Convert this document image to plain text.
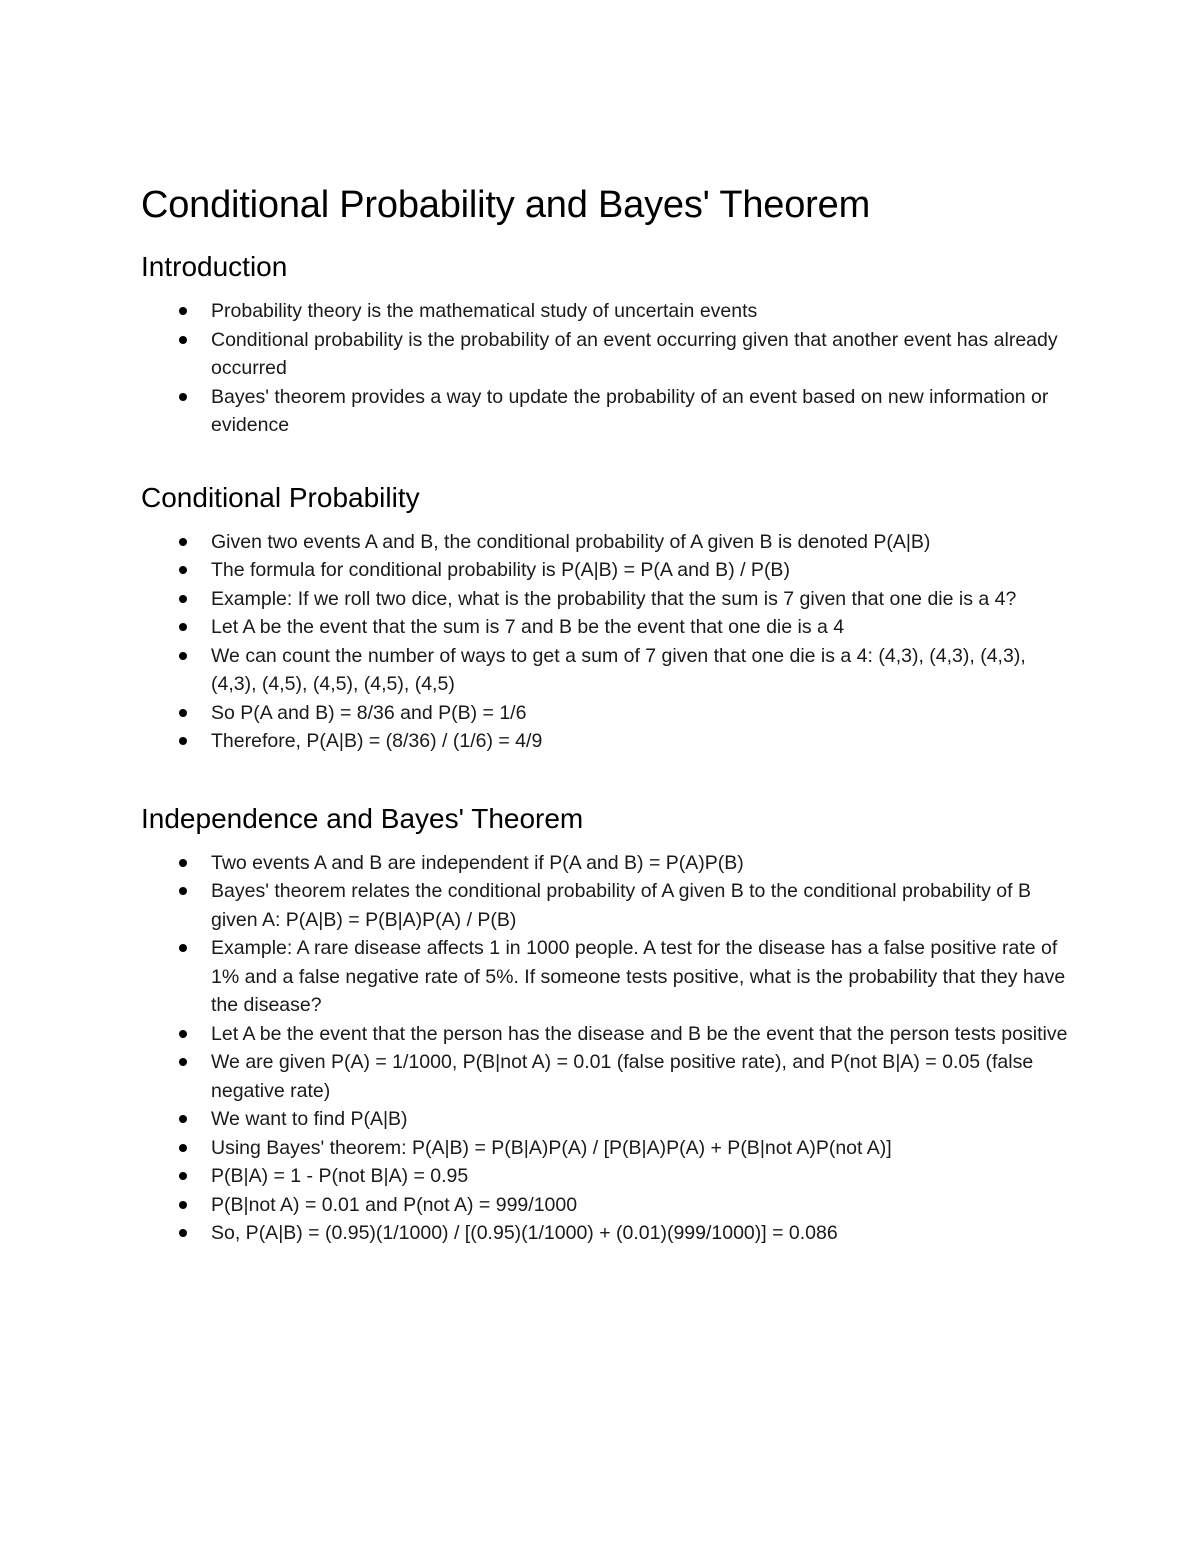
Conditional Probability and Bayes' Theorem
Introduction
Probability theory is the mathematical study of uncertain events
Conditional probability is the probability of an event occurring given that another event has already occurred
Bayes' theorem provides a way to update the probability of an event based on new information or evidence
Conditional Probability
Given two events A and B, the conditional probability of A given B is denoted P(A|B)
The formula for conditional probability is P(A|B) = P(A and B) / P(B)
Example: If we roll two dice, what is the probability that the sum is 7 given that one die is a 4?
Let A be the event that the sum is 7 and B be the event that one die is a 4
We can count the number of ways to get a sum of 7 given that one die is a 4: (4,3), (4,3), (4,3), (4,3), (4,5), (4,5), (4,5), (4,5)
So P(A and B) = 8/36 and P(B) = 1/6
Therefore, P(A|B) = (8/36) / (1/6) = 4/9
Independence and Bayes' Theorem
Two events A and B are independent if P(A and B) = P(A)P(B)
Bayes' theorem relates the conditional probability of A given B to the conditional probability of B given A: P(A|B) = P(B|A)P(A) / P(B)
Example: A rare disease affects 1 in 1000 people. A test for the disease has a false positive rate of 1% and a false negative rate of 5%. If someone tests positive, what is the probability that they have the disease?
Let A be the event that the person has the disease and B be the event that the person tests positive
We are given P(A) = 1/1000, P(B|not A) = 0.01 (false positive rate), and P(not B|A) = 0.05 (false negative rate)
We want to find P(A|B)
Using Bayes' theorem: P(A|B) = P(B|A)P(A) / [P(B|A)P(A) + P(B|not A)P(not A)]
P(B|A) = 1 - P(not B|A) = 0.95
P(B|not A) = 0.01 and P(not A) = 999/1000
So, P(A|B) = (0.95)(1/1000) / [(0.95)(1/1000) + (0.01)(999/1000)] = 0.086
